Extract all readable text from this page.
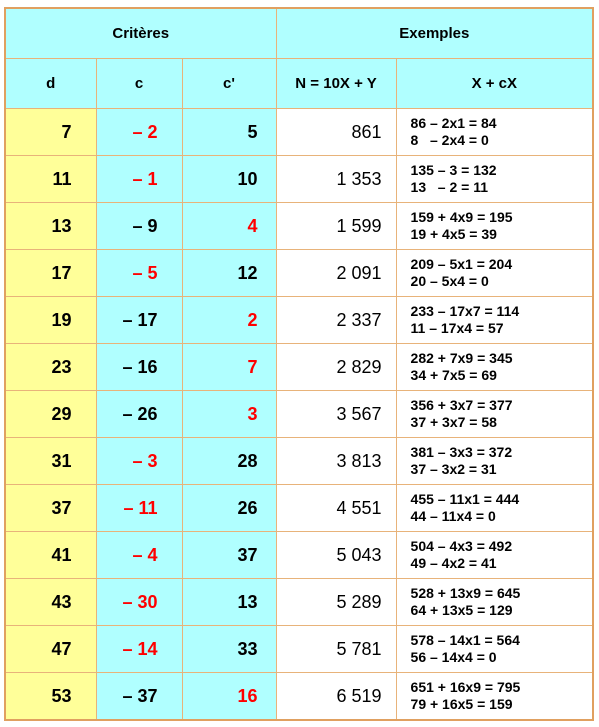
Critères			Exemples	
d	c	c'	N = 10X + Y	X + cX
7	– 2	5	861	86 – 2x1 = 84
8   – 2x4 = 0

11	– 1	10	1 353	135 – 3 = 132
13   – 2 = 11

13	– 9	4	1 599	159 + 4x9 = 195
19 + 4x5 = 39

17	– 5	12	2 091	209 – 5x1 = 204
20 – 5x4 = 0

19	– 17	2	2 337	233 – 17x7 = 114
11 – 17x4 = 57

23	– 16	7	2 829	282 + 7x9 = 345
34 + 7x5 = 69

29	– 26	3	3 567	356 + 3x7 = 377
37 + 3x7 = 58

31	– 3	28	3 813	381 – 3x3 = 372
37 – 3x2 = 31

37	– 11	26	4 551	455 – 11x1 = 444
44 – 11x4 = 0

41	– 4	37	5 043	504 – 4x3 = 492
49 – 4x2 = 41

43	– 30	13	5 289	528 + 13x9 = 645
64 + 13x5 = 129

47	– 14	33	5 781	578 – 14x1 = 564
56 – 14x4 = 0

53	– 37	16	6 519	651 + 16x9 = 795
79 + 16x5 = 159
